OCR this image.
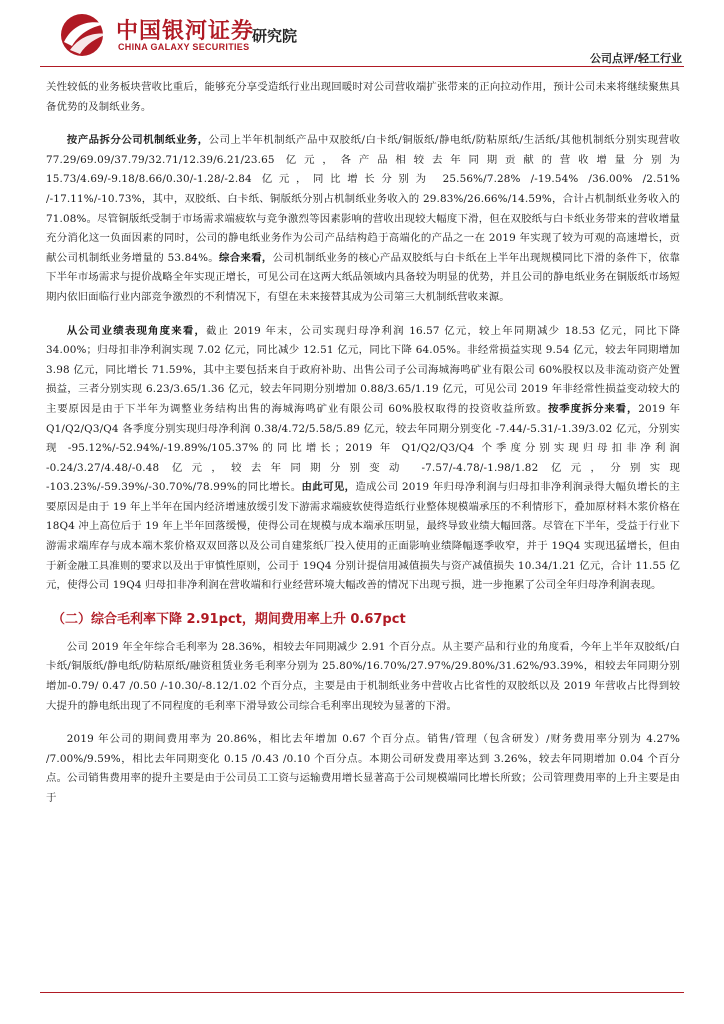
中国银河证券
CHINA GALAXY SECURITIES
研究院
公司点评/轻工行业

关性较低的业务板块营收比重后，能够充分享受造纸行业出现回暖时对公司营收端扩张带来的正向拉动作用，预计公司未来将继续聚焦具备优势的及制纸业务。

按产品拆分公司机制纸业务，公司上半年机制纸产品中双胶纸/白卡纸/铜版纸/静电纸/防粘原纸/生活纸/其他机制纸分别实现营收 77.29/69.09/37.79/32.71/12.39/6.21/23.65 亿元，各产品相较去年同期贡献的营收增量分别为 15.73/4.69/-9.18/8.66/0.30/-1.28/-2.84 亿元，同比增长分别为 25.56%/7.28% /-19.54% /36.00% /2.51% /-17.11%/-10.73%，其中，双胶纸、白卡纸、铜版纸分别占机制纸业务收入的 29.83%/26.66%/14.59%，合计占机制纸业务收入的 71.08%。尽管铜版纸受制于市场需求端疲软与竞争激烈等因素影响的营收出现较大幅度下滑，但在双胶纸与白卡纸业务带来的营收增量充分消化这一负面因素的同时，公司的静电纸业务作为公司产品结构趋于高端化的产品之一在 2019 年实现了较为可观的高速增长，贡献公司机制纸业务增量的 53.84%。综合来看，公司机制纸业务的核心产品双胶纸与白卡纸在上半年出现规模同比下滑的条件下，依靠下半年市场需求与提价战略全年实现正增长，可见公司在这两大纸品领域内具备较为明显的优势，并且公司的静电纸业务在铜版纸市场短期内依旧面临行业内部竞争激烈的不利情况下，有望在未来接替其成为公司第三大机制纸营收来源。

从公司业绩表现角度来看，截止 2019 年末，公司实现归母净利润 16.57 亿元，较上年同期减少 18.53 亿元，同比下降 34.00%；归母扣非净利润实现 7.02 亿元，同比减少 12.51 亿元，同比下降 64.05%。非经常损益实现 9.54 亿元，较去年同期增加 3.98 亿元，同比增长 71.59%，其中主要包括来自于政府补助、出售公司子公司海城海鸣矿业有限公司 60%股权以及非流动资产处置损益，三者分别实现 6.23/3.65/1.36 亿元，较去年同期分别增加 0.88/3.65/1.19 亿元，可见公司 2019 年非经常性损益变动较大的主要原因是由于下半年为调整业务结构出售的海城海鸣矿业有限公司 60%股权取得的投资收益所致。按季度拆分来看，2019 年 Q1/Q2/Q3/Q4 各季度分别实现归母净利润 0.38/4.72/5.58/5.89 亿元，较去年同期分别变化 -7.44/-5.31/-1.39/3.02 亿元，分别实现 -95.12%/-52.94%/-19.89%/105.37%的同比增长；2019 年 Q1/Q2/Q3/Q4 个季度分别实现归母扣非净利润 -0.24/3.27/4.48/-0.48 亿元，较去年同期分别变动 -7.57/-4.78/-1.98/1.82 亿元，分别实现 -103.23%/-59.39%/-30.70%/78.99%的同比增长。由此可见，造成公司 2019 年归母净利润与归母扣非净利润录得大幅负增长的主要原因是由于 19 年上半年在国内经济增速放缓引发下游需求端疲软使得造纸行业整体规模端承压的不利情形下，叠加原材料木浆价格在 18Q4 冲上高位后于 19 年上半年回落缓慢，使得公司在规模与成本端承压明显，最终导致业绩大幅回落。尽管在下半年，受益于行业下游需求端库存与成本端木浆价格双双回落以及公司自建浆纸厂投入使用的正面影响业绩降幅逐季收窄，并于 19Q4 实现迅猛增长，但由于新金融工具准则的要求以及出于审慎性原则，公司于 19Q4 分别计提信用减值损失与资产减值损失 10.34/1.21 亿元，合计 11.55 亿元，使得公司 19Q4 归母扣非净利润在营收端和行业经营环境大幅改善的情况下出现亏损，进一步拖累了公司全年归母净利润表现。

（二）综合毛利率下降 2.91pct，期间费用率上升 0.67pct

公司 2019 年全年综合毛利率为 28.36%，相较去年同期减少 2.91 个百分点。从主要产品和行业的角度看，今年上半年双胶纸/白卡纸/铜版纸/静电纸/防粘原纸/融资租赁业务毛利率分别为 25.80%/16.70%/27.97%/29.80%/31.62%/93.39%，相较去年同期分别增加-0.79/ 0.47 /0.50 /-10.30/-8.12/1.02 个百分点，主要是由于机制纸业务中营收占比省性的双胶纸以及 2019 年营收占比得到较大提升的静电纸出现了不同程度的毛利率下滑导致公司综合毛利率出现较为显著的下滑。

2019 年公司的期间费用率为 20.86%，相比去年增加 0.67 个百分点。销售/管理（包含研发）/财务费用率分别为 4.27% /7.00%/9.59%，相比去年同期变化 0.15 /0.43 /0.10 个百分点。本期公司研发费用率达到 3.26%，较去年同期增加 0.04 个百分点。公司销售费用率的提升主要是由于公司员工工资与运输费用增长显著高于公司规模端同比增长所致；公司管理费用率的上升主要是由于
